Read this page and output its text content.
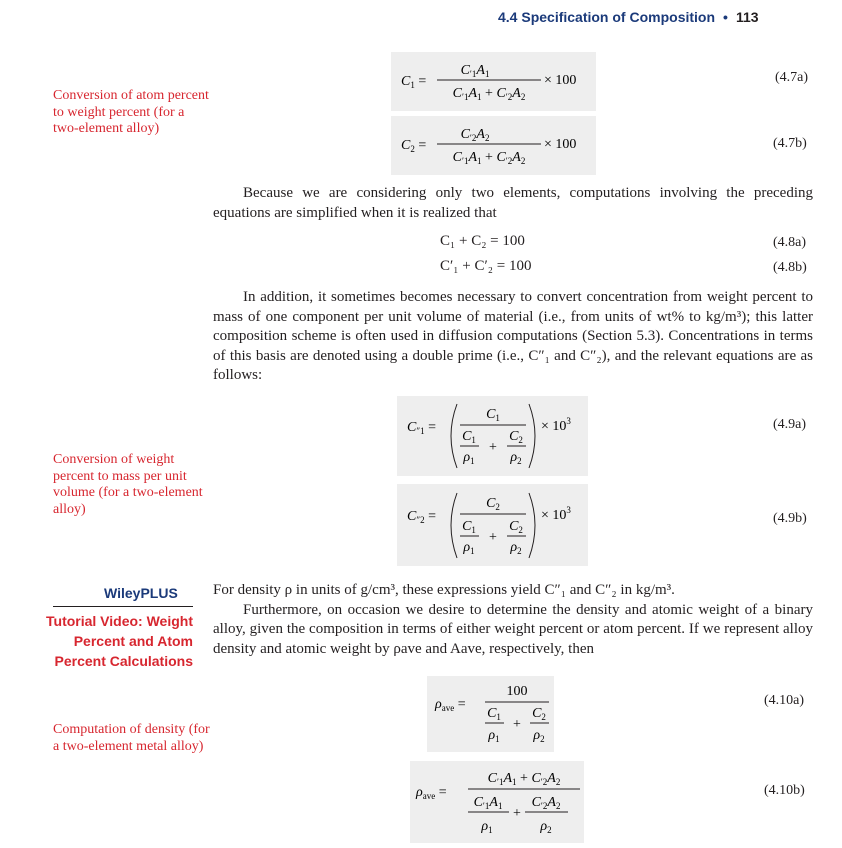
4.4 Specification of Composition • 113
Conversion of atom percent to weight percent (for a two-element alloy)
Conversion of weight percent to mass per unit volume (for a two-element alloy)
Computation of density (for a two-element metal alloy)
WileyPLUS
Tutorial Video: Weight Percent and Atom Percent Calculations
$C_1$ =
$C_{'1}A_1$
$C_{'1}A_1 + C_{'2}A_2$
× 100	(4.7a)
$C_2$ =
$C_{'2}A_2$
$C_{'1}A_1 + C_{'2}A_2$
× 100	(4.7b)
Because we are considering only two elements, computations involving the preceding equations are simplified when it is realized that
C₁ + C₂ = 100	(4.8a)
C′₁ + C′₂ = 100	(4.8b)
In addition, it sometimes becomes necessary to convert concentration from weight percent to mass of one component per unit volume of material (i.e., from units of wt% to kg/m³); this latter composition scheme is often used in diffusion computations (Section 5.3). Concentrations in terms of this basis are denoted using a double prime (i.e., C″₁ and C″₂), and the relevant equations are as follows:
$C_{''1}$ =
$C_1$
$C_1$
$\rho_1$
+
$C_2$
$\rho_2$
× $10^3$	(4.9a)
$C_{''2}$ =
$C_2$
$C_1$
$\rho_1$
+
$C_2$
$\rho_2$
× $10^3$
(4.9b)
For density ρ in units of g/cm³, these expressions yield C″₁ and C″₂ in kg/m³.
Furthermore, on occasion we desire to determine the density and atomic weight of a binary alloy, given the composition in terms of either weight percent or atom percent. If we represent alloy density and atomic weight by ρave and Aave, respectively, then
$\rho_{ave}$ =
100
$C_1$
$\rho_1$
+
$C_2$
$\rho_2$
(4.10a)
$\rho_{ave}$ =
$C_{'1}A_1 + C_{'2}A_2$
$C_{'1}A_1$
$\rho_1$
+
$C_{'2}A_2$
$\rho_2$
(4.10b)
